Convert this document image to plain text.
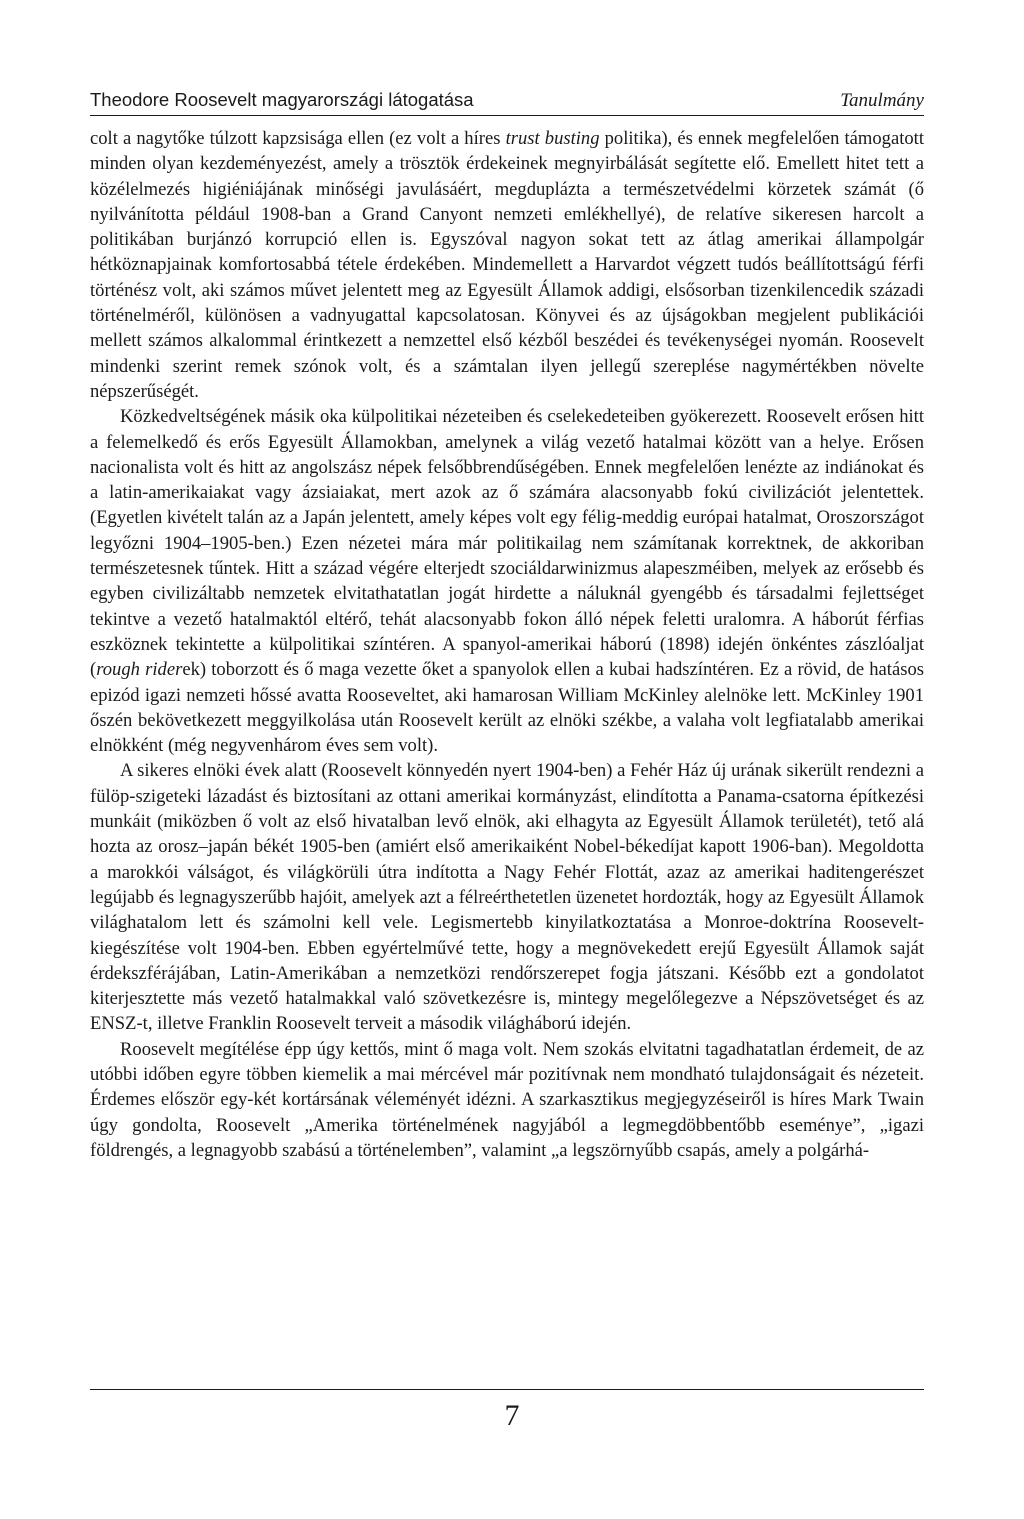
Theodore Roosevelt magyarországi látogatása	Tanulmány

colt a nagytőke túlzott kapzsisága ellen (ez volt a híres trust busting politika), és ennek megfelelően támogatott minden olyan kezdeményezést, amely a trösztök érdekeinek megnyirbálását segítette elő. Emellett hitet tett a közélelmezés higiéniájának minőségi javulásáért, megduplázta a természetvédelmi körzetek számát (ő nyilvánította például 1908-ban a Grand Canyont nemzeti emlékhellyé), de relatíve sikeresen harcolt a politikában burjánzó korrupció ellen is. Egyszóval nagyon sokat tett az átlag amerikai állampolgár hétköznapjainak komfortosabbá tétele érdekében. Mindemellett a Harvardot végzett tudós beállítottságú férfi történész volt, aki számos művet jelentett meg az Egyesült Államok addigi, elsősorban tizenkilencedik századi történelméről, különösen a vadnyugattal kapcsolatosan. Könyvei és az újságokban megjelent publikációi mellett számos alkalommal érintkezett a nemzettel első kézből beszédei és tevékenységei nyomán. Roosevelt mindenki szerint remek szónok volt, és a számtalan ilyen jellegű szereplése nagymértékben növelte népszerűségét.

Közkedveltségének másik oka külpolitikai nézeteiben és cselekedeteiben gyökerezett. Roosevelt erősen hitt a felemelkedő és erős Egyesült Államokban, amelynek a világ vezető hatalmai között van a helye. Erősen nacionalista volt és hitt az angolszász népek felsőbbrendűségében. Ennek megfelelően lenézte az indiánokat és a latin-amerikaiakat vagy ázsiaiakat, mert azok az ő számára alacsonyabb fokú civilizációt jelentettek. (Egyetlen kivételt talán az a Japán jelentett, amely képes volt egy félig-meddig európai hatalmat, Oroszországot legyőzni 1904–1905-ben.) Ezen nézetei mára már politikailag nem számítanak korrektnek, de akkoriban természetesnek tűntek. Hitt a század végére elterjedt szociáldarwinizmus alapeszméiben, melyek az erősebb és egyben civilizáltabb nemzetek elvitathatatlan jogát hirdette a náluknál gyengébb és társadalmi fejlettséget tekintve a vezető hatalmaktól eltérő, tehát alacsonyabb fokon álló népek feletti uralomra. A háborút férfias eszköznek tekintette a külpolitikai színtéren. A spanyol-amerikai háború (1898) idején önkéntes zászlóaljat (rough riderek) toborzott és ő maga vezette őket a spanyolok ellen a kubai hadszíntéren. Ez a rövid, de hatásos epizód igazi nemzeti hőssé avatta Rooseveltet, aki hamarosan William McKinley alelnöke lett. McKinley 1901 őszén bekövetkezett meggyilkolása után Roosevelt került az elnöki székbe, a valaha volt legfiatalabb amerikai elnökként (még negyvenhárom éves sem volt).

A sikeres elnöki évek alatt (Roosevelt könnyedén nyert 1904-ben) a Fehér Ház új urának sikerült rendezni a fülöp-szigeteki lázadást és biztosítani az ottani amerikai kormányzást, elindította a Panama-csatorna építkezési munkáit (miközben ő volt az első hivatalban levő elnök, aki elhagyta az Egyesült Államok területét), tető alá hozta az orosz–japán békét 1905-ben (amiért első amerikaiként Nobel-békedíjat kapott 1906-ban). Megoldotta a marokkói válságot, és világkörüli útra indította a Nagy Fehér Flottát, azaz az amerikai haditengerészet legújabb és legnagyszerűbb hajóit, amelyek azt a félreérthetetlen üzenetet hordozták, hogy az Egyesült Államok világhatalom lett és számolni kell vele. Legismertebb kinyilatkoztatása a Monroe-doktrína Roosevelt-kiegészítése volt 1904-ben. Ebben egyértelművé tette, hogy a megnövekedett erejű Egyesült Államok saját érdekszférájában, Latin-Amerikában a nemzetközi rendőrszerepet fogja játszani. Később ezt a gondolatot kiterjesztette más vezető hatalmakkal való szövetkezésre is, mintegy megelőlegezve a Népszövetséget és az ENSZ-t, illetve Franklin Roosevelt terveit a második világháború idején.

Roosevelt megítélése épp úgy kettős, mint ő maga volt. Nem szokás elvitatni tagadhatatlan érdemeit, de az utóbbi időben egyre többen kiemelik a mai mércével már pozitívnak nem mondható tulajdonságait és nézeteit. Érdemes először egy-két kortársának véleményét idézni. A szarkasztikus megjegyzéseiről is híres Mark Twain úgy gondolta, Roosevelt „Amerika történelmének nagyjából a legmegdöbbentőbb eseménye”, „igazi földrengés, a legnagyobb szabású a történelemben”, valamint „a legszörnyűbb csapás, amely a polgárhá-

7
